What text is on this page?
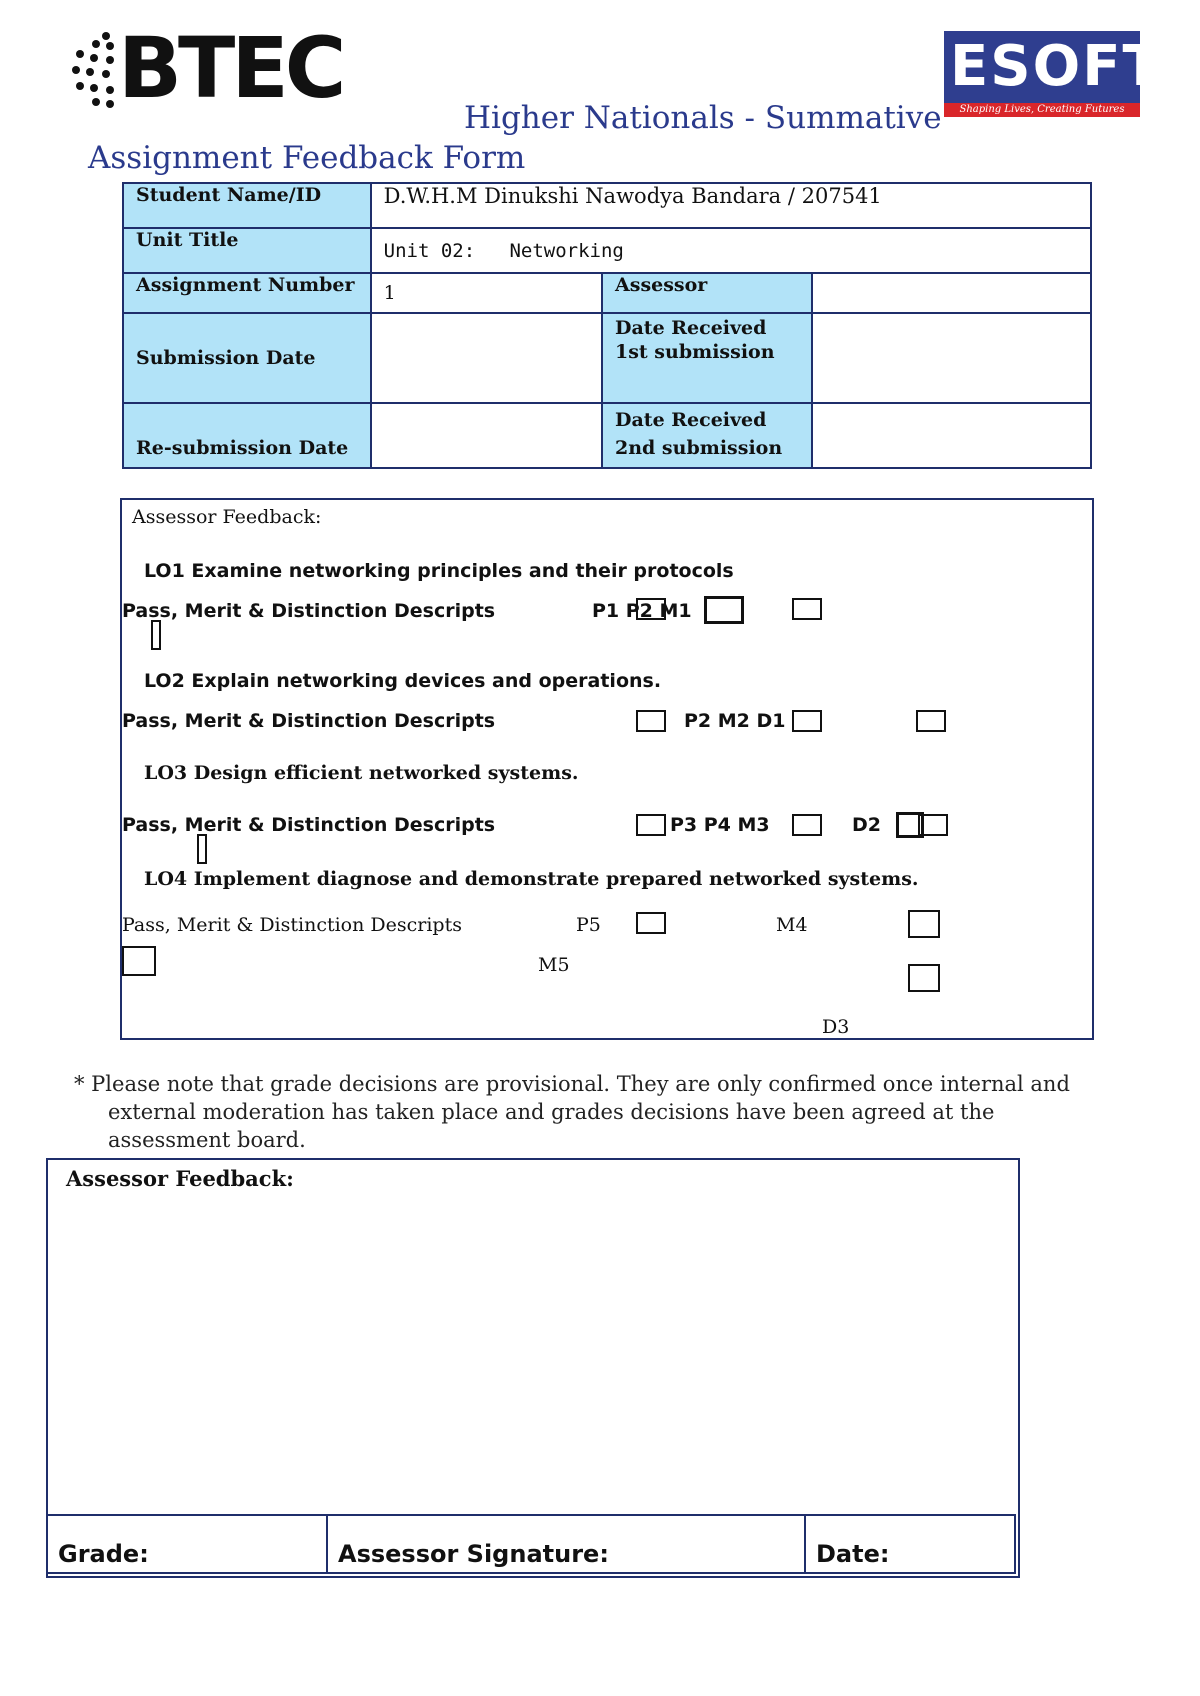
BTEC	ESOFT
Shaping Lives, Creating Futures
Higher Nationals - Summative
Assignment Feedback Form
Student Name/ID	D.W.H.M Dinukshi Nawodya Bandara / 207541		
Unit Title	Unit 02:   Networking		
Assignment Number	1	Assessor	
Submission Date		Date Received 1st submission	
Re-submission Date		Date Received 2nd submission	
Assessor Feedback:
LO1 Examine networking principles and their protocols
Pass, Merit & Distinction Descripts	P1 P2 M1
LO2 Explain networking devices and operations.
Pass, Merit & Distinction Descripts	P2 M2 D1
LO3 Design efficient networked systems.
Pass, Merit & Distinction Descripts	P3 P4 M3	D2
LO4 Implement diagnose and demonstrate prepared networked systems.
Pass, Merit & Distinction Descripts	P5	M4
M5
D3
* Please note that grade decisions are provisional. They are only confirmed once internal and external moderation has taken place and grades decisions have been agreed at the assessment board.
Assessor Feedback:
Grade:	Assessor Signature:	Date:
